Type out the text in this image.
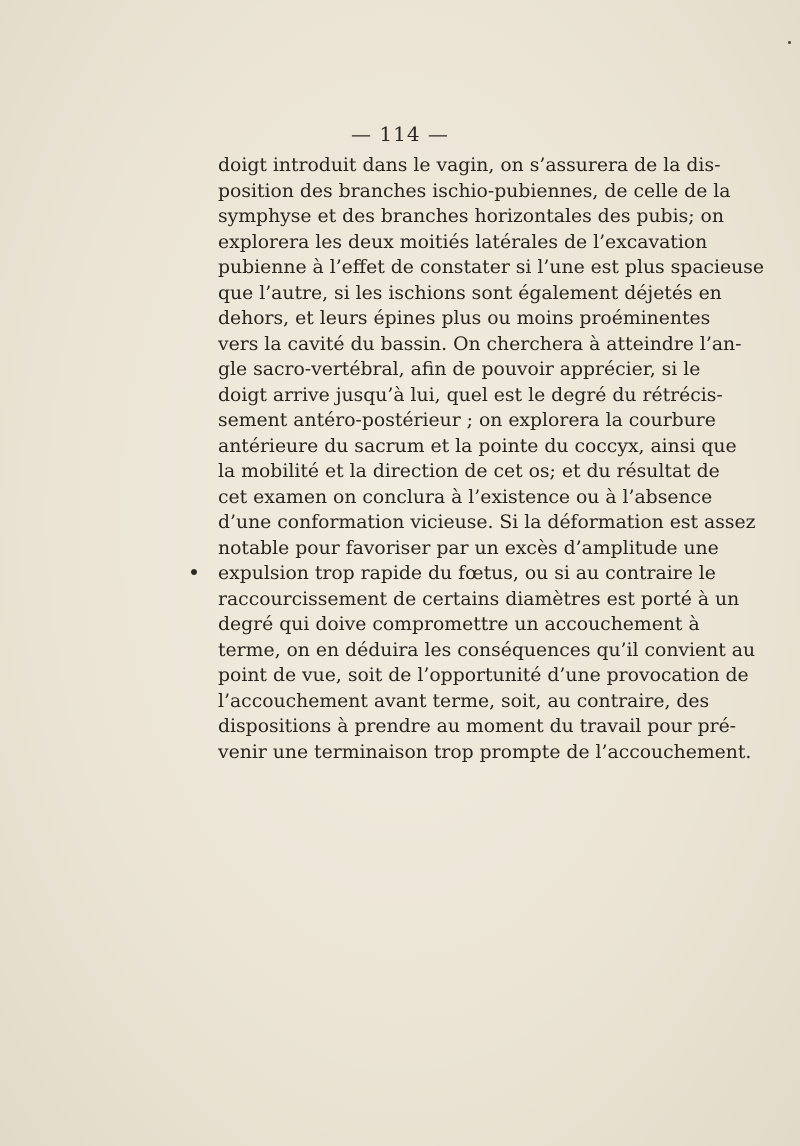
— 114 —
doigt introduit dans le vagin, on s’assurera de la dis-
position des branches ischio-pubiennes, de celle de la
symphyse et des branches horizontales des pubis; on
explorera les deux moitiés latérales de l’excavation
pubienne à l’effet de constater si l’une est plus spacieuse
que l’autre, si les ischions sont également déjetés en
dehors, et leurs épines plus ou moins proéminentes
vers la cavité du bassin. On cherchera à atteindre l’an-
gle sacro-vertébral, afin de pouvoir apprécier, si le
doigt arrive jusqu’à lui, quel est le degré du rétrécis-
sement antéro-postérieur ; on explorera la courbure
antérieure du sacrum et la pointe du coccyx, ainsi que
la mobilité et la direction de cet os; et du résultat de
cet examen on conclura à l’existence ou à l’absence
d’une conformation vicieuse. Si la déformation est assez
notable pour favoriser par un excès d’amplitude une
expulsion trop rapide du fœtus, ou si au contraire le
raccourcissement de certains diamètres est porté à un
degré qui doive compromettre un accouchement à
terme, on en déduira les conséquences qu’il convient au
point de vue, soit de l’opportunité d’une provocation de
l’accouchement avant terme, soit, au contraire, des
dispositions à prendre au moment du travail pour pré-
venir une terminaison trop prompte de l’accouchement.
